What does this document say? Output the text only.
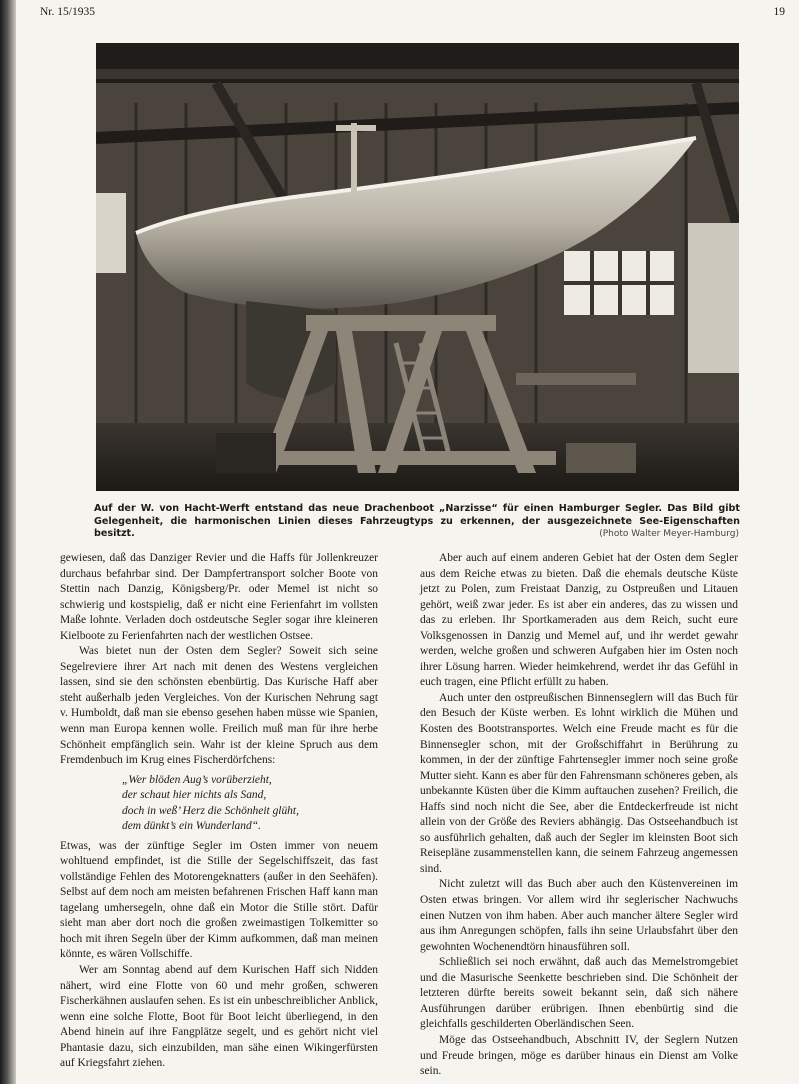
Nr. 15/1935	19
Auf der W. von Hacht-Werft entstand das neue Drachenboot „Narzisse“ für einen Hamburger Segler. Das Bild gibt Gelegenheit, die harmonischen Linien dieses Fahrzeugtyps zu erkennen, der ausgezeichnete See-Eigenschaften besitzt.	(Photo Walter Meyer-Hamburg)

gewiesen, daß das Danziger Revier und die Haffs für Jollenkreuzer durchaus befahrbar sind. Der Dampfertransport solcher Boote von Stettin nach Danzig, Königsberg/Pr. oder Memel ist nicht so schwierig und kostspielig, daß er nicht eine Ferienfahrt im vollsten Maße lohnte. Verladen doch ostdeutsche Segler sogar ihre kleineren Kielboote zu Ferienfahrten nach der westlichen Ostsee.

Was bietet nun der Osten dem Segler? Soweit sich seine Segelreviere ihrer Art nach mit denen des Westens vergleichen lassen, sind sie den schönsten ebenbürtig. Das Kurische Haff aber steht außerhalb jeden Vergleiches. Von der Kurischen Nehrung sagt v. Humboldt, daß man sie ebenso gesehen haben müsse wie Spanien, wenn man Europa kennen wolle. Freilich muß man für ihre herbe Schönheit empfänglich sein. Wahr ist der kleine Spruch aus dem Fremdenbuch im Krug eines Fischerdörfchens:

„Wer blöden Aug’s vorüberzieht,
der schaut hier nichts als Sand,
doch in weß’ Herz die Schönheit glüht,
dem dünkt’s ein Wunderland“.

Etwas, was der zünftige Segler im Osten immer von neuem wohltuend empfindet, ist die Stille der Segelschiffszeit, das fast vollständige Fehlen des Motorengeknatters (außer in den Seehäfen). Selbst auf dem noch am meisten befahrenen Frischen Haff kann man tagelang umhersegeln, ohne daß ein Motor die Stille stört. Dafür sieht man aber dort noch die großen zweimastigen Tolkemitter so hoch mit ihren Segeln über der Kimm aufkommen, daß man meinen könnte, es wären Vollschiffe.

Wer am Sonntag abend auf dem Kurischen Haff sich Nidden nähert, wird eine Flotte von 60 und mehr großen, schweren Fischerkähnen auslaufen sehen. Es ist ein unbeschreiblicher Anblick, wenn eine solche Flotte, Boot für Boot leicht überliegend, in den Abend hinein auf ihre Fangplätze segelt, und es gehört nicht viel Phantasie dazu, sich einzubilden, man sähe einen Wikingerfürsten auf Kriegsfahrt ziehen.

Aber auch auf einem anderen Gebiet hat der Osten dem Segler aus dem Reiche etwas zu bieten. Daß die ehemals deutsche Küste jetzt zu Polen, zum Freistaat Danzig, zu Ostpreußen und Litauen gehört, weiß zwar jeder. Es ist aber ein anderes, das zu wissen und das zu erleben. Ihr Sportkameraden aus dem Reich, sucht eure Volksgenossen in Danzig und Memel auf, und ihr werdet gewahr werden, welche großen und schweren Aufgaben hier im Osten noch ihrer Lösung harren. Wieder heimkehrend, werdet ihr das Gefühl in euch tragen, eine Pflicht erfüllt zu haben.

Auch unter den ostpreußischen Binnenseglern will das Buch für den Besuch der Küste werben. Es lohnt wirklich die Mühen und Kosten des Bootstransportes. Welch eine Freude macht es für die Binnensegler schon, mit der Großschiffahrt in Berührung zu kommen, in der der zünftige Fahrtensegler immer noch seine große Mutter sieht. Kann es aber für den Fahrensmann schöneres geben, als unbekannte Küsten über die Kimm auftauchen zusehen? Freilich, die Haffs sind noch nicht die See, aber die Entdeckerfreude ist nicht allein von der Größe des Reviers abhängig. Das Ostseehandbuch ist so ausführlich gehalten, daß auch der Segler im kleinsten Boot sich Reisepläne zusammenstellen kann, die seinem Fahrzeug angemessen sind.

Nicht zuletzt will das Buch aber auch den Küstenvereinen im Osten etwas bringen. Vor allem wird ihr seglerischer Nachwuchs einen Nutzen von ihm haben. Aber auch mancher ältere Segler wird aus ihm Anregungen schöpfen, falls ihn seine Urlaubsfahrt über den gewohnten Wochenendtörn hinausführen soll.

Schließlich sei noch erwähnt, daß auch das Memelstromgebiet und die Masurische Seenkette beschrieben sind. Die Schönheit der letzteren dürfte bereits soweit bekannt sein, daß sich nähere Ausführungen darüber erübrigen. Ihnen ebenbürtig sind die gleichfalls geschilderten Oberländischen Seen.

Möge das Ostseehandbuch, Abschnitt IV, der Seglern Nutzen und Freude bringen, möge es darüber hinaus ein Dienst am Volke sein.
